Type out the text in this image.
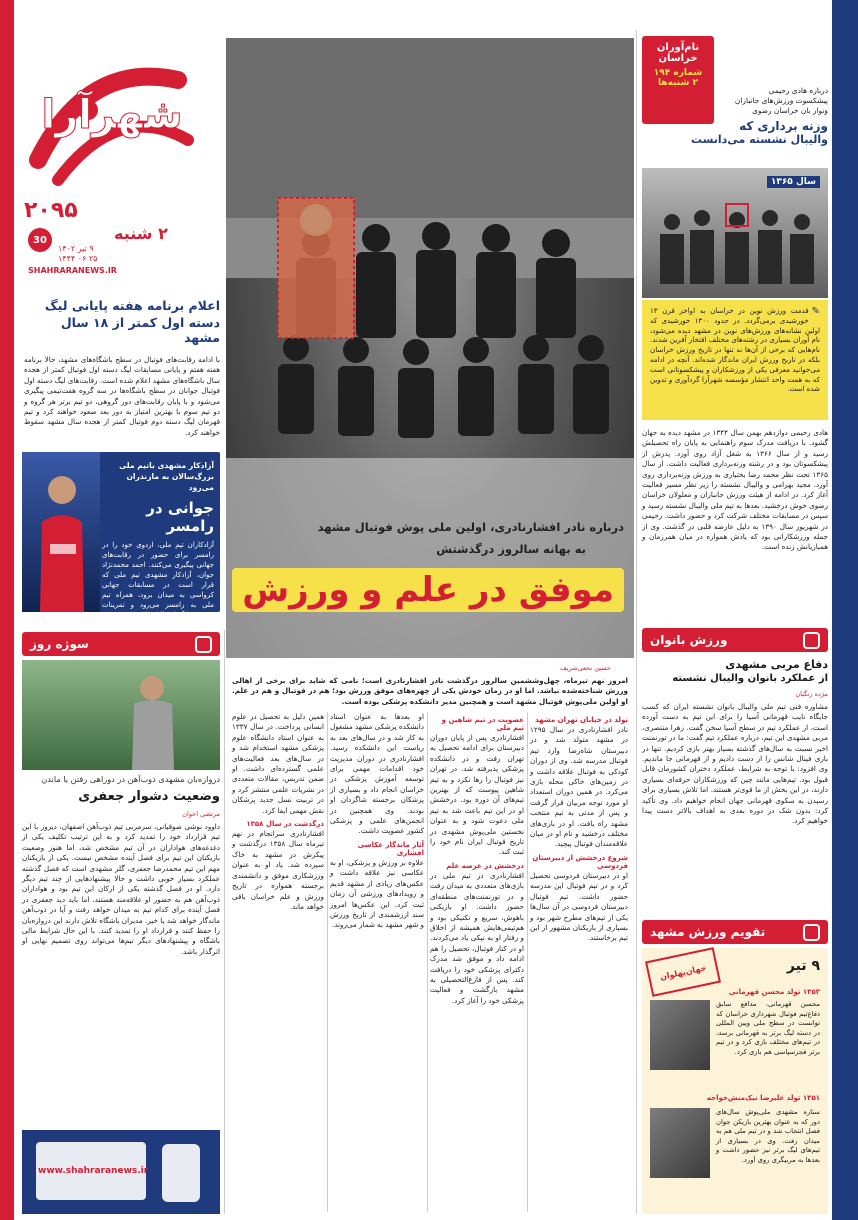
شهرآرا
۲۰۹۵
۲ شنبه
30
۹ تیر ۱۴۰۲
۲۵ ۰۶ ۱۴۴۴
SHAHRARANEWS.IR
اعلام برنامه هفته پایانی لیگ
دسته اول کمتر از ۱۸ سال مشهد

با ادامه رقابت‌های فوتبال در سطح باشگاه‌های مشهد، حالا برنامه هفته هفتم و پایانی مسابقات لیگ دسته اول فوتبال کمتر از هجده سال باشگاه‌های مشهد اعلام شده است. رقابت‌های لیگ دسته اول فوتبال جوانان در سطح باشگاه‌ها در سه گروه هفت‌تیمی پیگیری می‌شود و با پایان رقابت‌های دور گروهی، دو تیم برتر هر گروه و دو تیم سوم با بهترین امتیاز به دور بعد صعود خواهند کرد و تیم قهرمان لیگ دسته دوم فوتبال کمتر از هجده سال مشهد سقوط خواهند کرد.

آزادکار مشهدی باتیم ملی بزرگ‌سالان به مازندران می‌رود
جوانی در رامسر
آزادکاران تیم ملی، اردوی خود را در رامسر برای حضور در رقابت‌های جهانی پیگیری می‌کنند. احمد محمدنژاد جوان، آزادکار مشهدی تیم ملی که قرار است در مسابقات جهانی کرواسی به میدان برود، همراه تیم ملی به رامسر می‌رود و تمرینات خودش را آنجا دنبال خواهد کرد.
درباره نادر افشارنادری، اولین ملی پوش فوتبال مشهد
به بهانه سالروز درگذشتش
موفق در علم و ورزش
نام‌آوران
خراسان
شماره ۱۹۴
۲ شنبه‌ها
درباره هادی رحیمی
پیشکسوت ورزش‌های جانبازان
ونوار بان خراسان رضوی
وزنه برداری که
والیبال نشسته می‌دانست
سال ۱۳۶۵
✎

قدمت ورزش نوین در خراسان به اواخر قرن ۱۳ خورشیدی برمی‌گردد. در حدود ۱۳۰۰ خورشیدی که اولین نشانه‌های ورزش‌های نوین در مشهد دیده می‌شود، نام آوران بسیاری در رشته‌های مختلف افتخار آفرین شدند. نام‌هایی که برخی از آن‌ها نه تنها در تاریخ ورزش خراسان بلکه در تاریخ ورزش ایران ماندگار شده‌اند. آنچه در ادامه می‌خوانید معرفی یکی از ورزشکاران و پیشکسوتانی است که به همت واحد انتشار مؤسسه شهرآرا گردآوری و تدوین شده است.

هادی رحیمی دوازدهم بهمن سال ۱۳۴۴ در مشهد دیده به جهان گشود. با دریافت مدرک سوم راهنمایی به پایان راه تحصیلش رسید و از سال ۱۳۶۶ به شغل آزاد روی آورد. پدرش از پیشکسوتان بود و در رشته وزنه‌برداری فعالیت داشت. از سال ۱۳۶۵ تحت نظر محمد رضا بختیاری به ورزش وزنه‌برداری روی آورد. مجید بهرامی و والیبال نشسته را زیر نظر مسیر فعالیت آغاز کرد. در ادامه از هیئت ورزش جانبازان و معلولان خراسان رضوی خوش درخشید. بعدها به تیم ملی والیبال نشسته رسید و سپس در مسابقات مختلف شرکت کرد و حضور داشت. رحیمی در شهریور سال ۱۳۹۰ به دلیل عارضه قلبی در گذشت. وی از جمله ورزشکارانی بود که یادش همواره در میان همرزمان و همبازیانش زنده است.

ورزش بانوان
دفاع مربی مشهدی
از عملکرد بانوان والیبال نشسته
مژده رنگیان

مشاوره فنی تیم ملی والیبال بانوان نشسته ایران که کسب جایگاه نایب قهرمانی آسیا را برای این تیم به دست آورده است، از عملکرد تیم در سطح آسیا سخن گفت. زهرا منتصری، مربی مشهدی این تیم، درباره عملکرد تیم گفت: ما در تورنمنت اخیر نسبت به سال‌های گذشته بسیار بهتر بازی کردیم. تنها در بازی فینال شانس را از دست دادیم و از قهرمانی جا ماندیم. وی افزود: با توجه به شرایط، عملکرد دختران کشورمان قابل قبول بود. تیم‌هایی مانند چین که ورزشکاران حرفه‌ای بسیاری دارند، در این بخش از ما قوی‌تر هستند. اما تلاش بسیاری برای رسیدن به سکوی قهرمانی جهان انجام خواهیم داد. وی تأکید کرد: بدون شک در دوره بعدی به اهداف بالاتر دست پیدا خواهیم کرد.

تقویم ورزش مشهد
جهان‌پهلوان	۹ تیر
۱۳۵۳ تولد محسن قهرمانی

محسن قهرمانی، مدافع سابق دفاع‌تیم فوتبال شهرداری خراسان که توانست در سطح ملی وبین المللی در دسته لیگ برتر به قهرمانی برسد، در تیم‌های مختلف بازی کرد و در تیم برتر فجرسپاسی هم بازی کرد.

۱۳۵۱ تولد علیرضا نیک‌منش‌خواجه

ستاره مشهدی ملی‌پوش سال‌های دور که به عنوان بهترین بازیکن جوان فصل انتخاب شد و در تیم ملی هم به میدان رفت. وی در بسیاری از تیم‌های لیگ برتر نیز حضور داشت و بعدها به مربیگری روی آورد.

سوژه روز
دروازه‌بان مشهدی ذوب‌آهن در دوراهی رفتن یا ماندن
وضعیت دشوار جعفری
مرتضی اخوان

داوود نوشی صوفیانی، سرمربی تیم ذوب‌آهن اصفهان، دیروز با این تیم قرارداد خود را تمدید کرد و به این ترتیب تکلیف یکی از دغدغه‌های هواداران در آن تیم مشخص شد، اما هنوز وضعیت بازیکنان این تیم برای فصل آینده مشخص نیست. یکی از بازیکنان مهم این تیم محمدرضا جعفری، گلر مشهدی است که فصل گذشته عملکرد بسیار خوبی داشت و حالا پیشنهادهایی از چند تیم دیگر دارد. او در فصل گذشته یکی از ارکان این تیم بود و هواداران ذوب‌آهن هم به حضور او علاقه‌مند هستند. اما باید دید جعفری در فصل آینده برای کدام تیم به میدان خواهد رفت و آیا در ذوب‌آهن ماندگار خواهد شد یا خیر. مدیران باشگاه تلاش دارند این دروازه‌بان را حفظ کنند و قرارداد او را تمدید کنند. با این حال شرایط مالی باشگاه و پیشنهادهای دیگر تیم‌ها می‌تواند روی تصمیم نهایی او اثرگذار باشد.

www.shahraranews.ir
حسین نخعی‌شریف

امروز نهم تیرماه، چهل‌وششمین سالروز درگذشت نادر افشارنادری است؛ نامی که شاید برای برخی از اهالی ورزش شناخته‌شده نباشد. اما او در زمان خودش یکی از چهره‌های موفق ورزش بود؛ هم در فوتبال و هم در علم. او اولین ملی‌پوش فوتبال مشهد است و همچنین مدیر دانشکده پزشکی بوده است.

تولد در خیابان تهران مشهد

نادر افشارنادری در سال ۱۲۹۵ در مشهد متولد شد و در دبیرستان شاه‌رضا وارد تیم فوتبال مدرسه شد. وی از دوران کودکی به فوتبال علاقه داشت و در زمین‌های خاکی محله بازی می‌کرد. در همین دوران استعداد او مورد توجه مربیان قرار گرفت و پس از مدتی به تیم منتخب مشهد راه یافت. او در بازی‌های مختلف درخشید و نام او در میان علاقه‌مندان فوتبال پیچید.

شروع درخشش از دبیرستان فردوسی

او در دبیرستان فردوسی تحصیل کرد و در تیم فوتبال این مدرسه حضور داشت. تیم فوتبال دبیرستان فردوسی در آن سال‌ها یکی از تیم‌های مطرح شهر بود و بسیاری از بازیکنان مشهور از این تیم برخاستند.

عضویت در تیم شاهین و تیم ملی

افشارنادری پس از پایان دوران دبیرستان برای ادامه تحصیل به تهران رفت و در دانشکده پزشکی پذیرفته شد. در تهران نیز فوتبال را رها نکرد و به تیم شاهین پیوست که از بهترین تیم‌های آن دوره بود. درخشش او در این تیم باعث شد به تیم ملی دعوت شود و به عنوان نخستین ملی‌پوش مشهدی در تاریخ فوتبال ایران نام خود را ثبت کند.

درخشش در عرصه علم

افشارنادری در تیم ملی در بازی‌های متعددی به میدان رفت و در تورنمنت‌های منطقه‌ای حضور داشت. او بازیکنی باهوش، سریع و تکنیکی بود و هم‌تیمی‌هایش همیشه از اخلاق و رفتار او به نیکی یاد می‌کردند. او در کنار فوتبال، تحصیل را هم ادامه داد و موفق شد مدرک دکترای پزشکی خود را دریافت کند. پس از فارغ‌التحصیلی به مشهد بازگشت و فعالیت پزشکی خود را آغاز کرد.

او بعدها به عنوان استاد دانشکده پزشکی مشهد مشغول به کار شد و در سال‌های بعد به ریاست این دانشکده رسید. افشارنادری در دوران مدیریت خود اقدامات مهمی برای توسعه آموزش پزشکی در خراسان انجام داد و بسیاری از پزشکان برجسته شاگردان او بودند. وی همچنین در انجمن‌های علمی و پزشکی کشور عضویت داشت.

آثار ماندگار عکاسی افشاری

علاوه بر ورزش و پزشکی، او به عکاسی نیز علاقه داشت و عکس‌های زیادی از مشهد قدیم و رویدادهای ورزشی آن زمان ثبت کرد. این عکس‌ها امروز سند ارزشمندی از تاریخ ورزش و شهر مشهد به شمار می‌روند.

همین دلیل به تحصیل در علوم انسانی پرداخت. در سال ۱۳۳۷ به عنوان استاد دانشگاه علوم پزشکی مشهد استخدام شد و در سال‌های بعد فعالیت‌های علمی گسترده‌ای داشت. او ضمن تدریس، مقالات متعددی در نشریات علمی منتشر کرد و در تربیت نسل جدید پزشکان نقش مهمی ایفا کرد.

درگذشت در سال ۱۳۵۸

افشارنادری سرانجام در نهم تیرماه سال ۱۳۵۸ درگذشت و پیکرش در مشهد به خاک سپرده شد. یاد او به عنوان ورزشکاری موفق و دانشمندی برجسته همواره در تاریخ ورزش و علم خراسان باقی خواهد ماند.
